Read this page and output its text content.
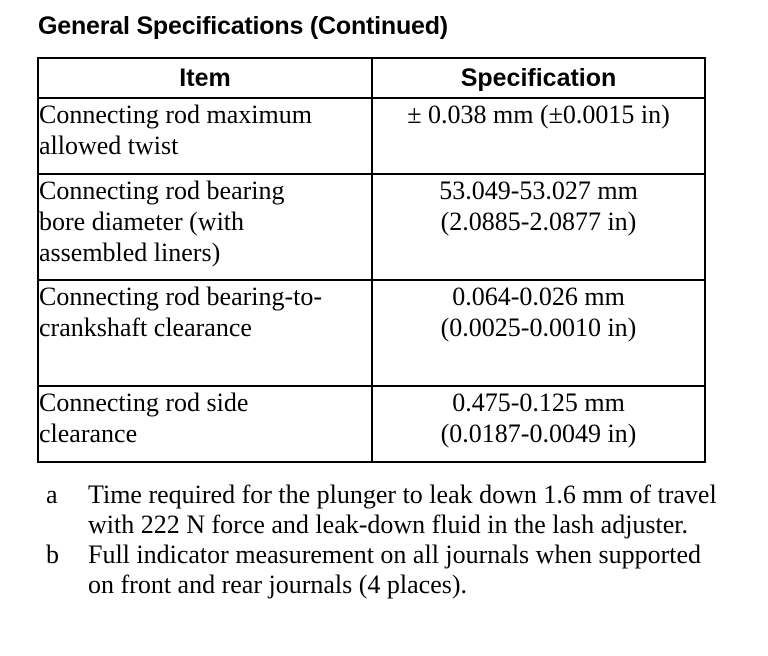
General Specifications (Continued)
Item	Specification
Connecting rod maximum allowed twist	± 0.038 mm (±0.0015 in)
Connecting rod bearing bore diameter (with assembled liners)	53.049-53.027 mm (2.0885-2.0877 in)
Connecting rod bearing-to-crankshaft clearance	0.064-0.026 mm (0.0025-0.0010 in)
Connecting rod side clearance	0.475-0.125 mm (0.0187-0.0049 in)
a	Time required for the plunger to leak down 1.6 mm of travel with 222 N force and leak-down fluid in the lash adjuster.
b	Full indicator measurement on all journals when supported on front and rear journals (4 places).
